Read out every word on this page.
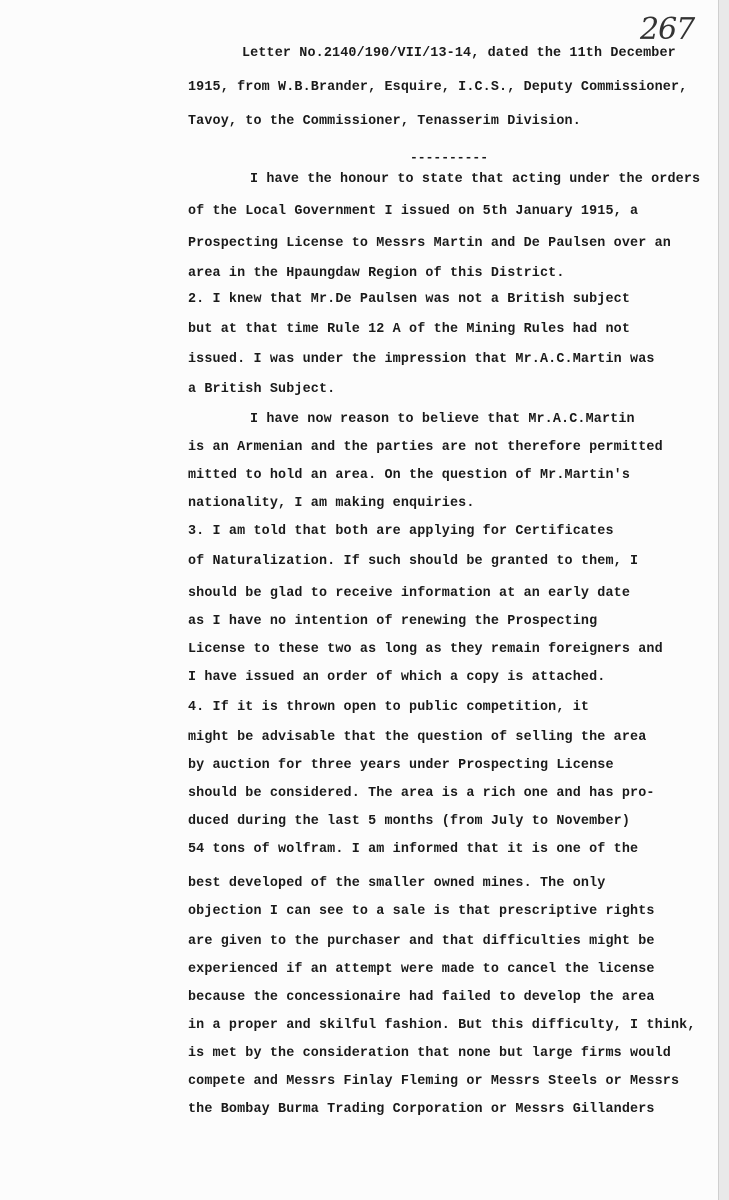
267
Letter No.2140/190/VII/13-14, dated the 11th December
1915, from W.B.Brander, Esquire, I.C.S., Deputy Commissioner,
Tavoy, to the Commissioner, Tenasserim Division.
----------
I have the honour to state that acting under the orders
of the Local Government I issued on 5th January 1915, a
Prospecting License to Messrs Martin and De Paulsen over an
area in the Hpaungdaw Region of this District.
2. I knew that Mr.De Paulsen was not a British subject
but at that time Rule 12 A of the Mining Rules had not
issued. I was under the impression that Mr.A.C.Martin was
a British Subject.
I have now reason to believe that Mr.A.C.Martin
is an Armenian and the parties are not therefore permitted
mitted to hold an area. On the question of Mr.Martin's
nationality, I am making enquiries.
3. I am told that both are applying for Certificates
of Naturalization. If such should be granted to them, I
should be glad to receive information at an early date
as I have no intention of renewing the Prospecting
License to these two as long as they remain foreigners and
I have issued an order of which a copy is attached.
4. If it is thrown open to public competition, it
might be advisable that the question of selling the area
by auction for three years under Prospecting License
should be considered. The area is a rich one and has pro-
duced during the last 5 months (from July to November)
54 tons of wolfram. I am informed that it is one of the
best developed of the smaller owned mines. The only
objection I can see to a sale is that prescriptive rights
are given to the purchaser and that difficulties might be
experienced if an attempt were made to cancel the license
because the concessionaire had failed to develop the area
in a proper and skilful fashion. But this difficulty, I think,
is met by the consideration that none but large firms would
compete and Messrs Finlay Fleming or Messrs Steels or Messrs
the Bombay Burma Trading Corporation or Messrs Gillanders
